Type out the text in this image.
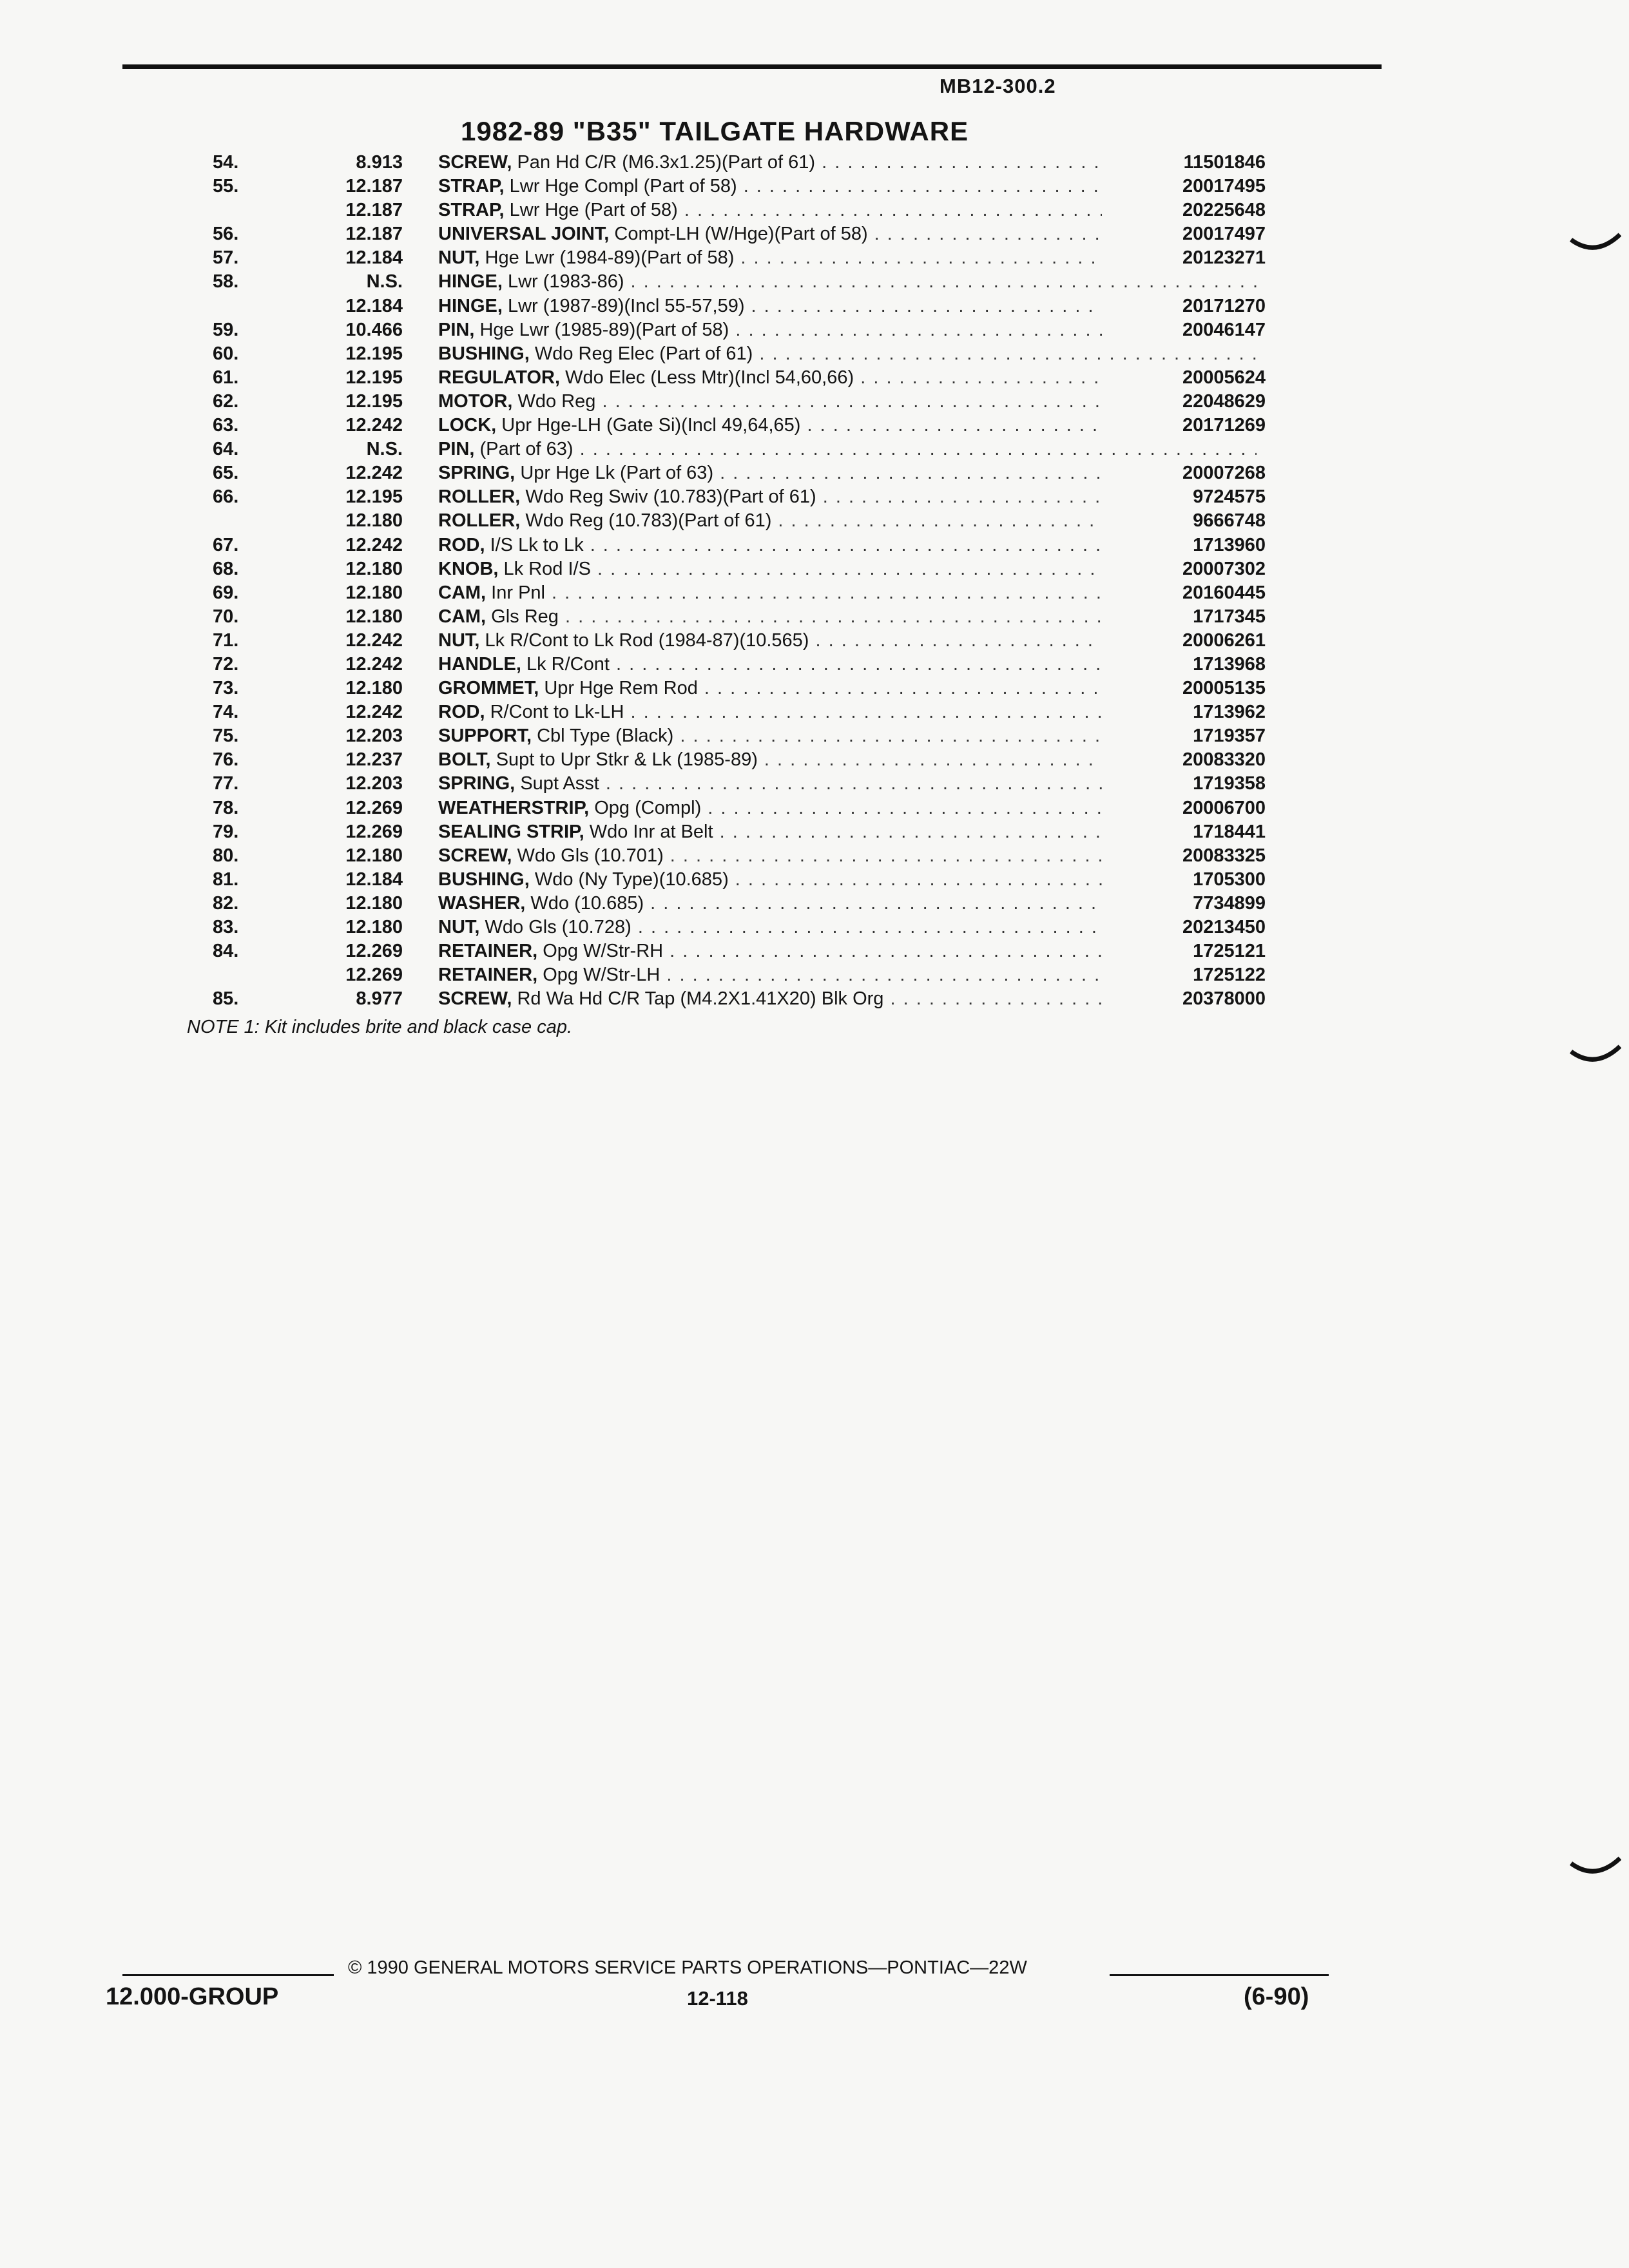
MB12-300.2
1982-89 "B35" TAILGATE HARDWARE
54.	8.913 SCREW, Pan Hd C/R (M6.3x1.25)(Part of 61) . . .	11501846
55.	12.187 STRAP, Lwr Hge Compl (Part of 58) . . .	20017495
12.187 STRAP, Lwr Hge (Part of 58) . . .	20225648
56.	12.187 UNIVERSAL JOINT, Compt-LH (W/Hge)(Part of 58) . . .	20017497
57.	12.184 NUT, Hge Lwr (1984-89)(Part of 58) . . .	20123271
58.	N.S. HINGE, Lwr (1983-86) . . .
12.184 HINGE, Lwr (1987-89)(Incl 55-57,59) . . .	20171270
59.	10.466 PIN, Hge Lwr (1985-89)(Part of 58) . . .	20046147
60.	12.195 BUSHING, Wdo Reg Elec (Part of 61) . . .
61.	12.195 REGULATOR, Wdo Elec (Less Mtr)(Incl 54,60,66) . . .	20005624
62.	12.195 MOTOR, Wdo Reg . . .	22048629
63.	12.242 LOCK, Upr Hge-LH (Gate Si)(Incl 49,64,65) . . .	20171269
64.	N.S. PIN, (Part of 63) . . .
65.	12.242 SPRING, Upr Hge Lk (Part of 63) . . .	20007268
66.	12.195 ROLLER, Wdo Reg Swiv (10.783)(Part of 61) . . .	9724575
12.180 ROLLER, Wdo Reg (10.783)(Part of 61) . . .	9666748
67.	12.242 ROD, I/S Lk to Lk . . .	1713960
68.	12.180 KNOB, Lk Rod I/S . . .	20007302
69.	12.180 CAM, Inr Pnl . . .	20160445
70.	12.180 CAM, Gls Reg . . .	1717345
71.	12.242 NUT, Lk R/Cont to Lk Rod (1984-87)(10.565) . . .	20006261
72.	12.242 HANDLE, Lk R/Cont . . .	1713968
73.	12.180 GROMMET, Upr Hge Rem Rod . . .	20005135
74.	12.242 ROD, R/Cont to Lk-LH . . .	1713962
75.	12.203 SUPPORT, Cbl Type (Black) . . .	1719357
76.	12.237 BOLT, Supt to Upr Stkr & Lk (1985-89) . . .	20083320
77.	12.203 SPRING, Supt Asst . . .	1719358
78.	12.269 WEATHERSTRIP, Opg (Compl) . . .	20006700
79.	12.269 SEALING STRIP, Wdo Inr at Belt . . .	1718441
80.	12.180 SCREW, Wdo Gls (10.701) . . .	20083325
81.	12.184 BUSHING, Wdo (Ny Type)(10.685) . . .	1705300
82.	12.180 WASHER, Wdo (10.685) . . .	7734899
83.	12.180 NUT, Wdo Gls (10.728) . . .	20213450
84.	12.269 RETAINER, Opg W/Str-RH . . .	1725121
12.269 RETAINER, Opg W/Str-LH . . .	1725122
85.	8.977 SCREW, Rd Wa Hd C/R Tap (M4.2X1.41X20) Blk Org . . .	20378000
NOTE 1: Kit includes brite and black case cap.
© 1990 GENERAL MOTORS SERVICE PARTS OPERATIONS—PONTIAC—22W
12.000-GROUP	12-118	(6-90)
